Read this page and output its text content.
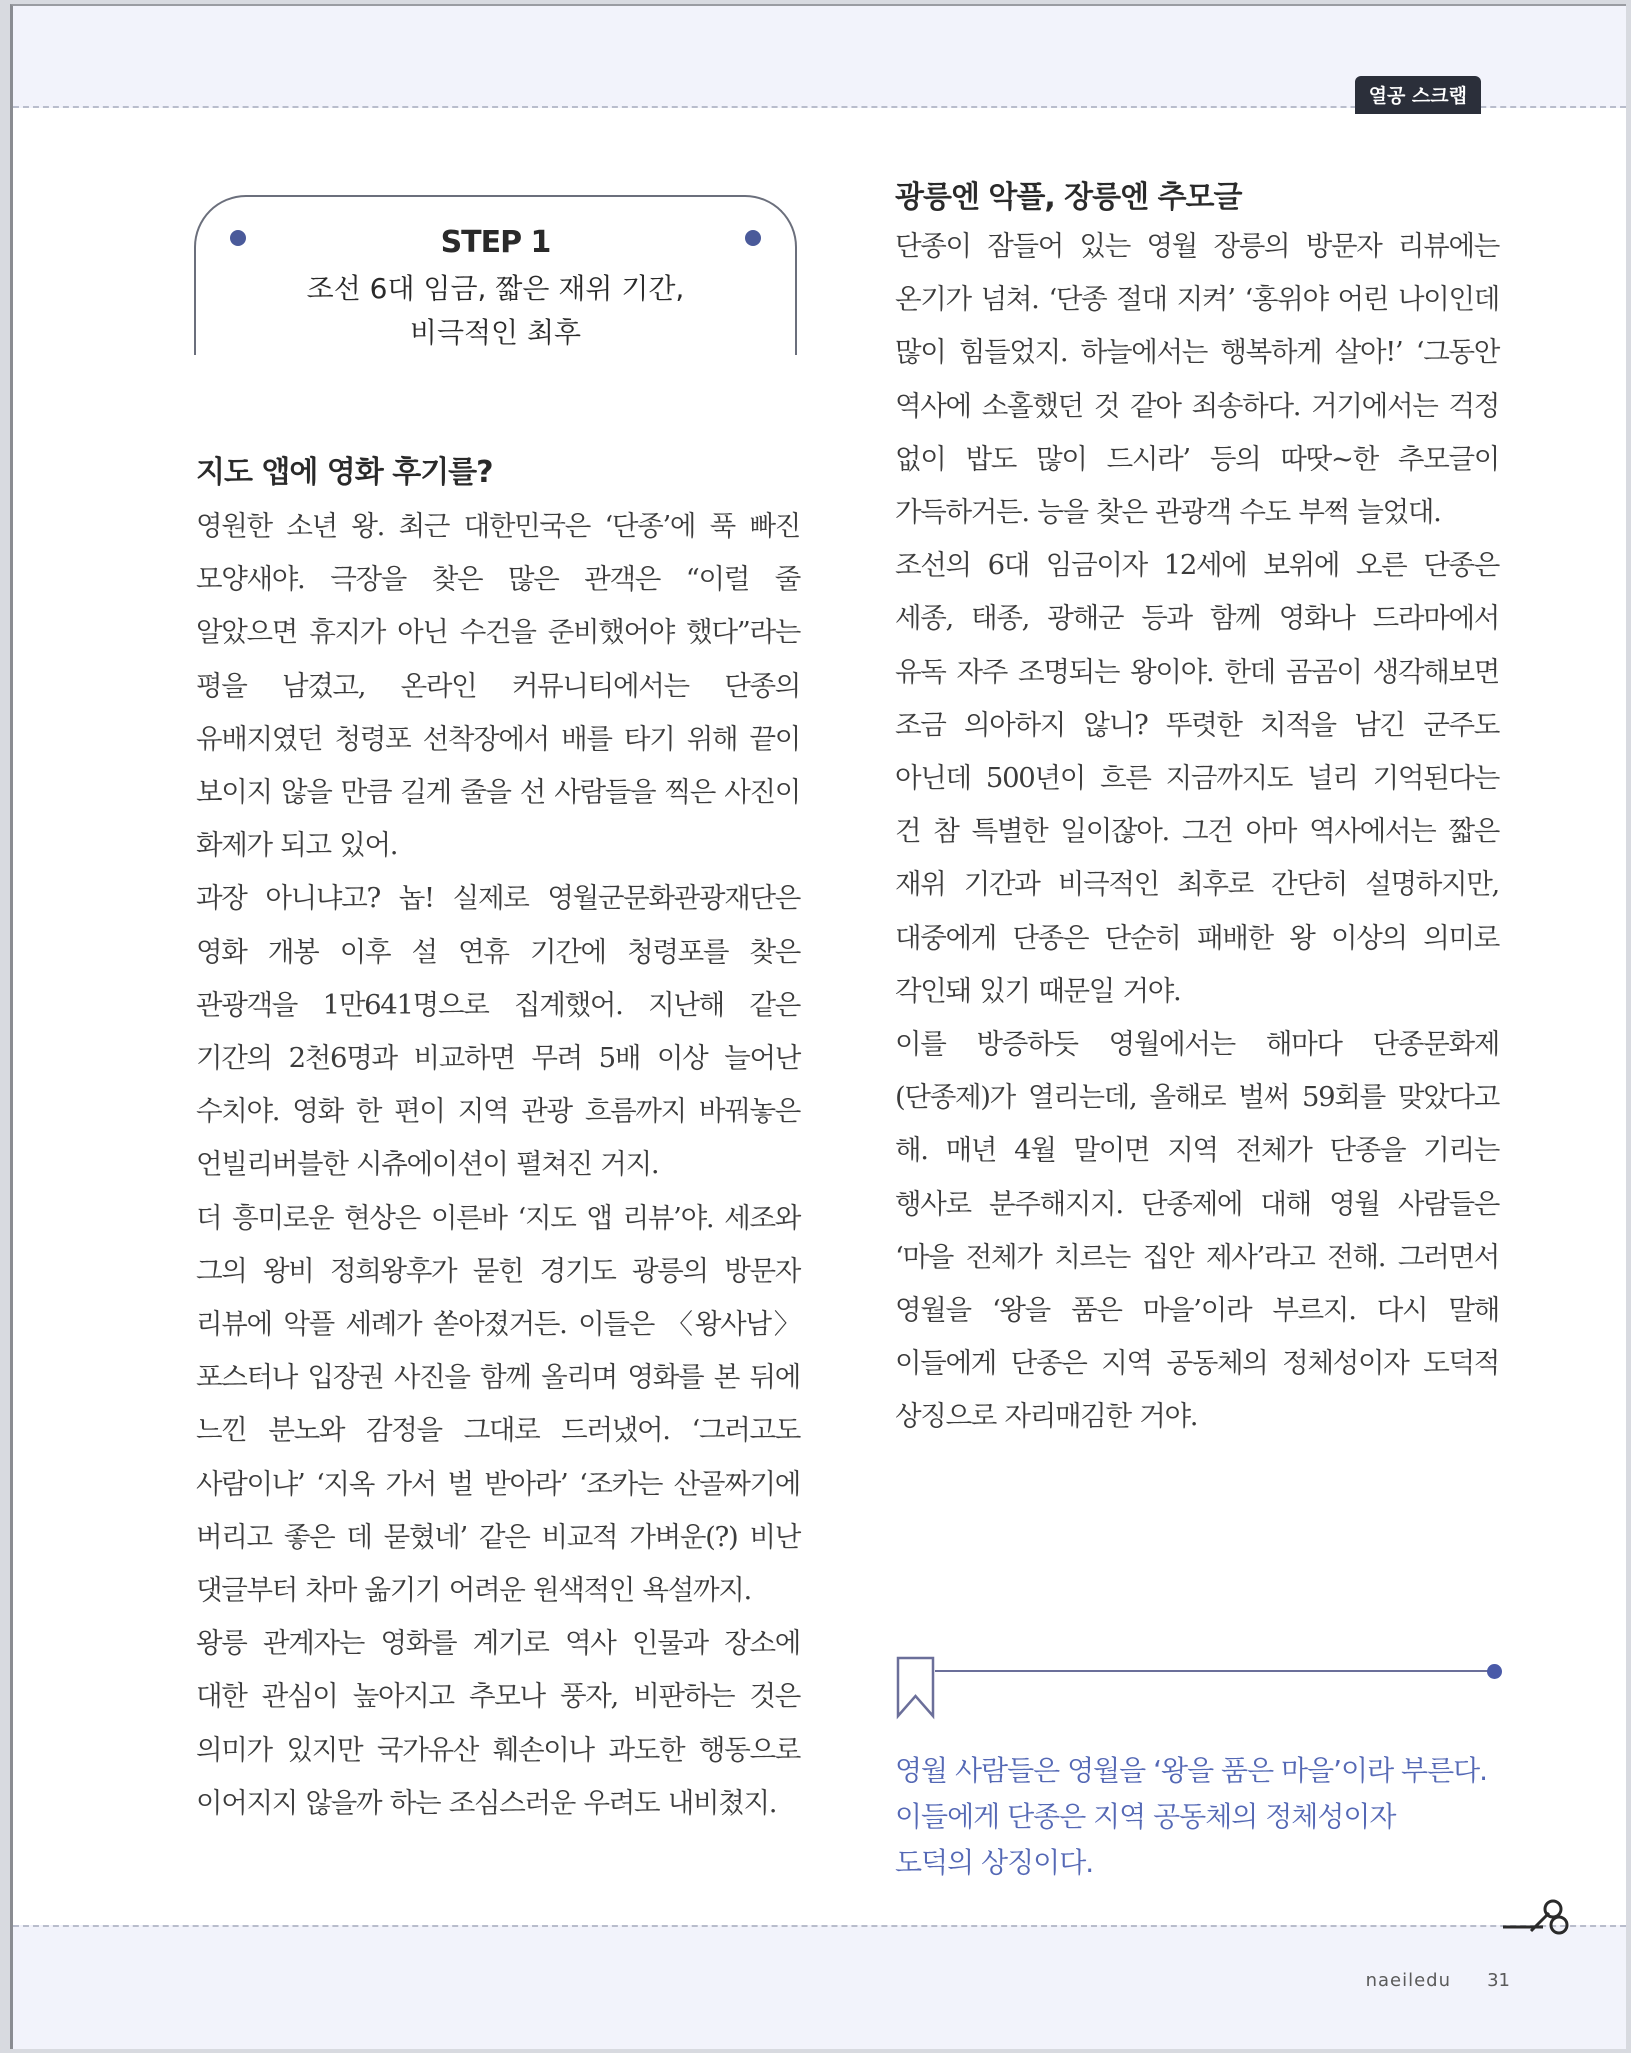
열공 스크랩
STEP 1
조선 6대 임금, 짧은 재위 기간,
비극적인 최후
지도 앱에 영화 후기를?

영원한 소년 왕. 최근 대한민국은 ‘단종’에 푹 빠진 모양새야. 극장을 찾은 많은 관객은 “이럴 줄 알았으면 휴지가 아닌 수건을 준비했어야 했다”라는 평을 남겼고, 온라인 커뮤니티에서는 단종의 유배지였던 청령포 선착장에서 배를 타기 위해 끝이 보이지 않을 만큼 길게 줄을 선 사람들을 찍은 사진이 화제가 되고 있어.

과장 아니냐고? 놉! 실제로 영월군문화관광재단은 영화 개봉 이후 설 연휴 기간에 청령포를 찾은 관광객을 1만641명으로 집계했어. 지난해 같은 기간의 2천6명과 비교하면 무려 5배 이상 늘어난 수치야. 영화 한 편이 지역 관광 흐름까지 바꿔놓은 언빌리버블한 시츄에이션이 펼쳐진 거지.

더 흥미로운 현상은 이른바 ‘지도 앱 리뷰’야. 세조와 그의 왕비 정희왕후가 묻힌 경기도 광릉의 방문자 리뷰에 악플 세례가 쏟아졌거든. 이들은 〈왕사남〉 포스터나 입장권 사진을 함께 올리며 영화를 본 뒤에 느낀 분노와 감정을 그대로 드러냈어. ‘그러고도 사람이냐’ ‘지옥 가서 벌 받아라’ ‘조카는 산골짜기에 버리고 좋은 데 묻혔네’ 같은 비교적 가벼운(?) 비난 댓글부터 차마 옮기기 어려운 원색적인 욕설까지.

왕릉 관계자는 영화를 계기로 역사 인물과 장소에 대한 관심이 높아지고 추모나 풍자, 비판하는 것은 의미가 있지만 국가유산 훼손이나 과도한 행동으로 이어지지 않을까 하는 조심스러운 우려도 내비쳤지.

광릉엔 악플, 장릉엔 추모글

단종이 잠들어 있는 영월 장릉의 방문자 리뷰에는 온기가 넘쳐. ‘단종 절대 지켜’ ‘홍위야 어린 나이인데 많이 힘들었지. 하늘에서는 행복하게 살아!’ ‘그동안 역사에 소홀했던 것 같아 죄송하다. 거기에서는 걱정 없이 밥도 많이 드시라’ 등의 따땃~한 추모글이 가득하거든. 능을 찾은 관광객 수도 부쩍 늘었대.

조선의 6대 임금이자 12세에 보위에 오른 단종은 세종, 태종, 광해군 등과 함께 영화나 드라마에서 유독 자주 조명되는 왕이야. 한데 곰곰이 생각해보면 조금 의아하지 않니? 뚜렷한 치적을 남긴 군주도 아닌데 500년이 흐른 지금까지도 널리 기억된다는 건 참 특별한 일이잖아. 그건 아마 역사에서는 짧은 재위 기간과 비극적인 최후로 간단히 설명하지만, 대중에게 단종은 단순히 패배한 왕 이상의 의미로 각인돼 있기 때문일 거야.

이를 방증하듯 영월에서는 해마다 단종문화제(단종제)가 열리는데, 올해로 벌써 59회를 맞았다고 해. 매년 4월 말이면 지역 전체가 단종을 기리는 행사로 분주해지지. 단종제에 대해 영월 사람들은 ‘마을 전체가 치르는 집안 제사’라고 전해. 그러면서 영월을 ‘왕을 품은 마을’이라 부르지. 다시 말해 이들에게 단종은 지역 공동체의 정체성이자 도덕적 상징으로 자리매김한 거야.

영월 사람들은 영월을 ‘왕을 품은 마을’이라 부른다.
이들에게 단종은 지역 공동체의 정체성이자
도덕의 상징이다.
naeiledu 31
